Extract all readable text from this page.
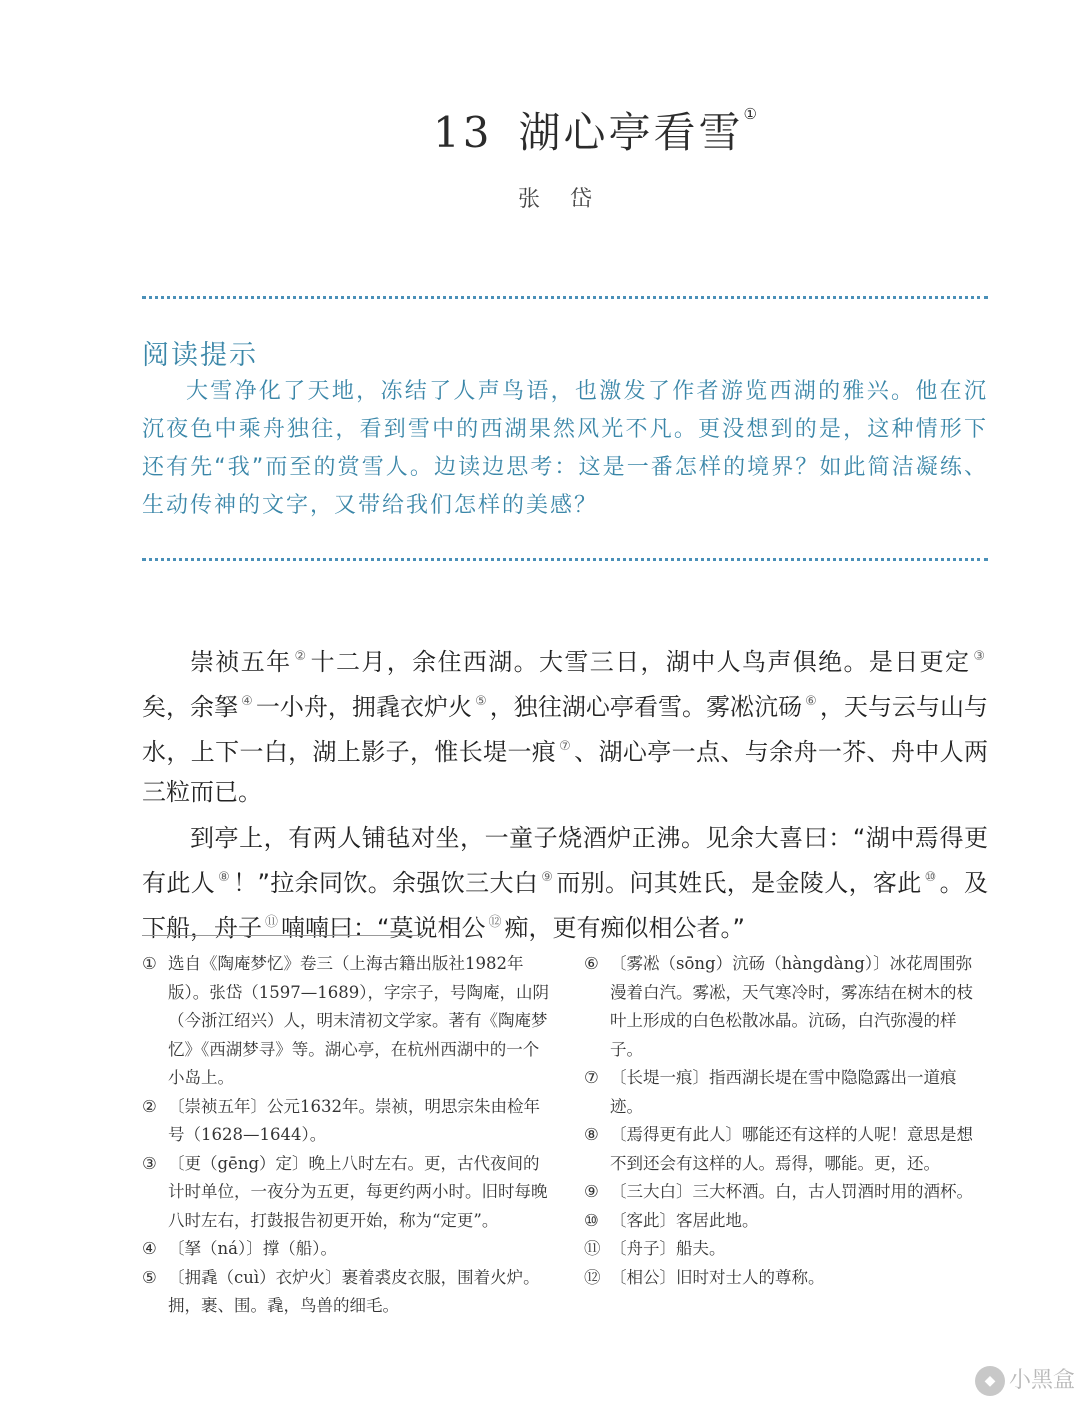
13 湖心亭看雪①
张岱
阅读提示

大雪净化了天地，冻结了人声鸟语，也激发了作者游览西湖的雅兴。他在沉沉夜色中乘舟独往，看到雪中的西湖果然风光不凡。更没想到的是，这种情形下还有先“我”而至的赏雪人。边读边思考：这是一番怎样的境界？如此简洁凝练、生动传神的文字，又带给我们怎样的美感？

崇祯五年 ② 十二月，余住西湖。大雪三日，湖中人鸟声俱绝。是日更定 ③矣，余拏 ④ 一小舟，拥毳衣炉火 ⑤ ，独往湖心亭看雪。雾凇沆砀 ⑥ ，天与云与山与水，上下一白，湖上影子，惟长堤一痕 ⑦ 、湖心亭一点、与余舟一芥、舟中人两三粒而已。

到亭上，有两人铺毡对坐，一童子烧酒炉正沸。见余大喜曰：“湖中焉得更有此人 ⑧ ！”拉余同饮。余强饮三大白 ⑨ 而别。问其姓氏，是金陵人，客此 ⑩ 。及下船，舟子 ⑪ 喃喃曰：“莫说相公 ⑫ 痴，更有痴似相公者。”

① 选自《陶庵梦忆》卷三（上海古籍出版社1982年版）。张岱（1597—1689），字宗子，号陶庵，山阴（今浙江绍兴）人，明末清初文学家。著有《陶庵梦忆》《西湖梦寻》等。湖心亭，在杭州西湖中的一个小岛上。
② 〔崇祯五年〕公元1632年。崇祯，明思宗朱由检年号（1628—1644）。
③ 〔更（gēng）定〕晚上八时左右。更，古代夜间的计时单位，一夜分为五更，每更约两小时。旧时每晚八时左右，打鼓报告初更开始，称为“定更”。
④ 〔拏（ná）〕撑（船）。
⑤ 〔拥毳（cuì）衣炉火〕裹着裘皮衣服，围着火炉。拥，裹、围。毳，鸟兽的细毛。
⑥ 〔雾凇（sōng）沆砀（hàngdàng）〕冰花周围弥漫着白汽。雾凇，天气寒冷时，雾冻结在树木的枝叶上形成的白色松散冰晶。沆砀，白汽弥漫的样子。
⑦ 〔长堤一痕〕指西湖长堤在雪中隐隐露出一道痕迹。
⑧ 〔焉得更有此人〕哪能还有这样的人呢！意思是想不到还会有这样的人。焉得，哪能。更，还。
⑨ 〔三大白〕三大杯酒。白，古人罚酒时用的酒杯。
⑩ 〔客此〕客居此地。
⑪ 〔舟子〕船夫。
⑫ 〔相公〕旧时对士人的尊称。
◆ 小黑盒
